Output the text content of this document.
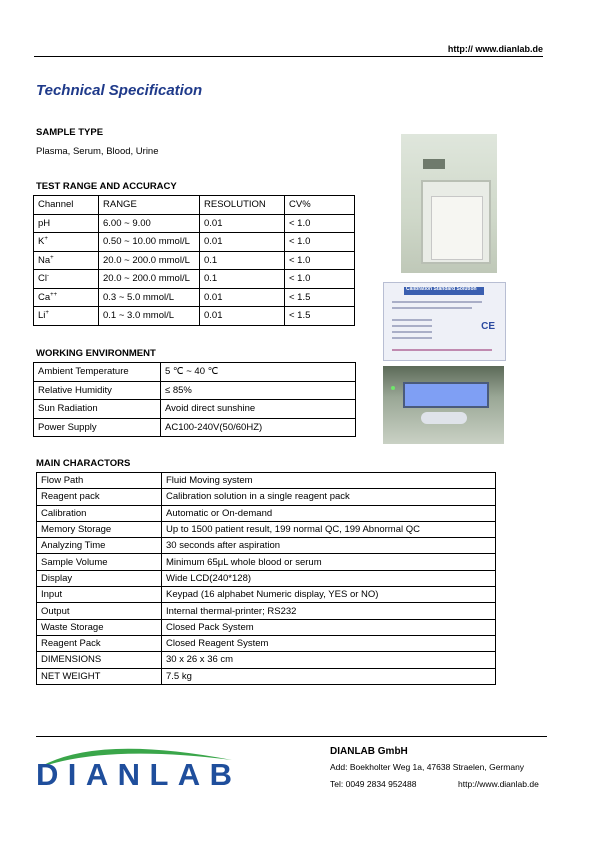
http:// www.dianlab.de
Technical Specification
SAMPLE TYPE
Plasma, Serum, Blood, Urine
TEST RANGE AND ACCURACY
Channel	RANGE	RESOLUTION	CV%
pH	6.00 ~ 9.00	0.01	< 1.0
K+	0.50 ~ 10.00 mmol/L	0.01	< 1.0
Na+	20.0 ~ 200.0 mmol/L	0.1	< 1.0
Cl-	20.0 ~ 200.0 mmol/L	0.1	< 1.0
Ca++	0.3 ~ 5.0 mmol/L	0.01	< 1.5
Li+	0.1 ~ 3.0 mmol/L	0.01	< 1.5
WORKING ENVIRONMENT
Ambient Temperature	5 ℃ ~ 40 ℃
Relative Humidity	≤ 85%
Sun Radiation	Avoid direct sunshine
Power Supply	AC100-240V(50/60HZ)
MAIN CHARACTORS
Flow Path	Fluid Moving system
Reagent pack	Calibration solution in a single reagent pack
Calibration	Automatic or On-demand
Memory Storage	Up to 1500 patient result, 199 normal QC, 199 Abnormal QC
Analyzing Time	30 seconds after aspiration
Sample Volume	Minimum 65μL whole blood or serum
Display	Wide LCD(240*128)
Input	Keypad (16 alphabet Numeric display, YES or NO)
Output	Internal thermal-printer; RS232
Waste Storage	Closed Pack System
Reagent Pack	Closed Reagent System
DIMENSIONS	30 x 26 x 36 cm
NET WEIGHT	7.5 kg
Calibration Standard Solution
CE
DIANLAB
DIANLAB GmbH
Add: Boekholter Weg 1a, 47638 Straelen, Germany
Tel: 0049 2834 952488	http://www.dianlab.de
